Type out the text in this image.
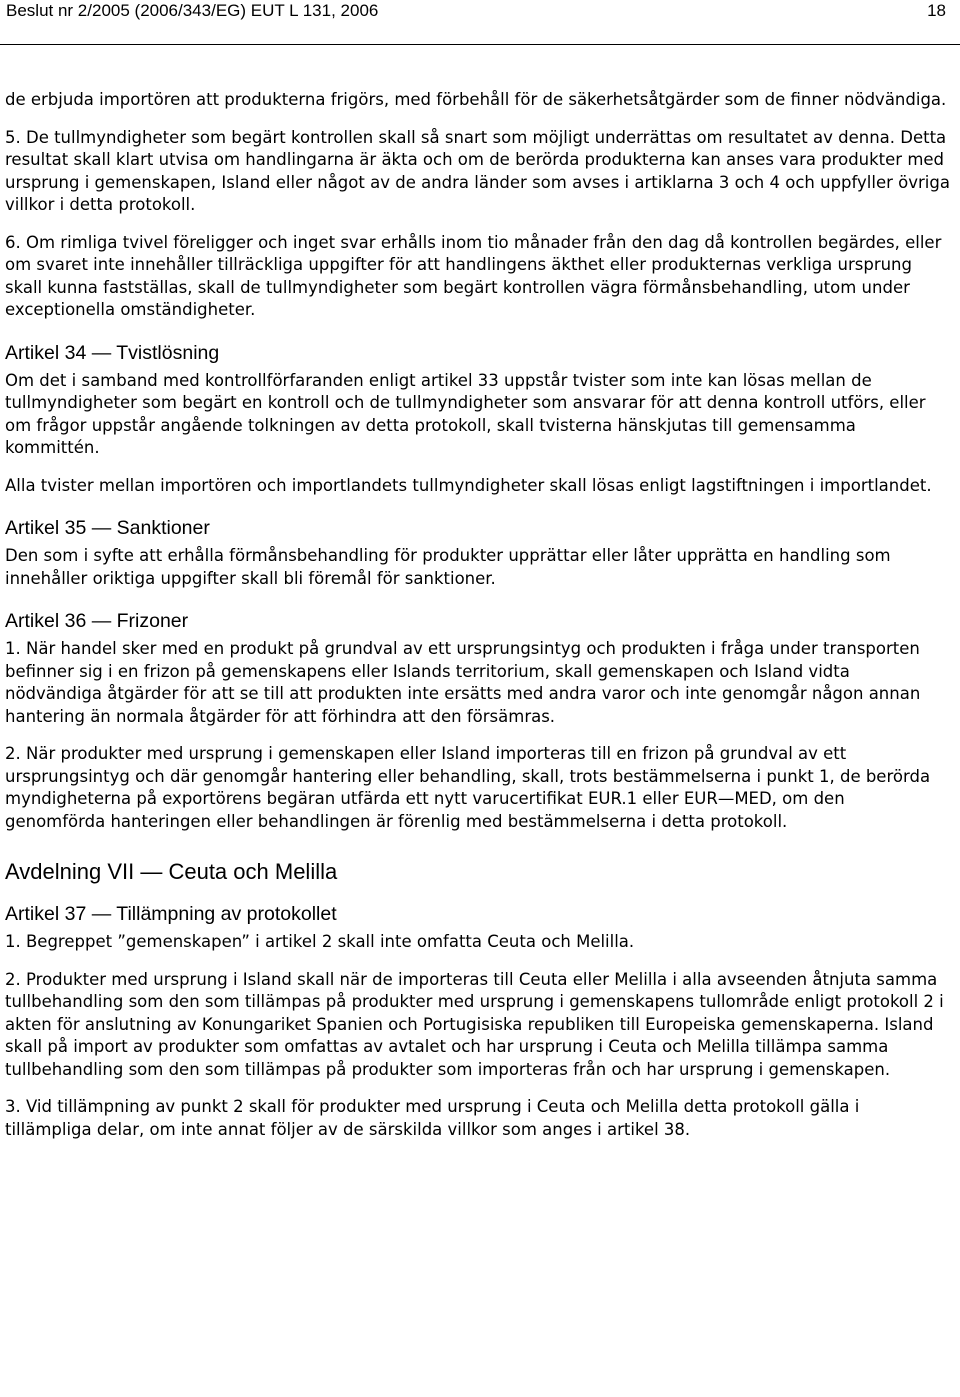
Beslut nr 2/2005 (2006/343/EG) EUT L 131, 2006	18

de erbjuda importören att produkterna frigörs, med förbehåll för de säkerhetsåtgärder som de finner nödvändiga.

5. De tullmyndigheter som begärt kontrollen skall så snart som möjligt underrättas om resultatet av denna. Detta resultat skall klart utvisa om handlingarna är äkta och om de berörda produkterna kan anses vara produkter med ursprung i gemenskapen, Island eller något av de andra länder som avses i artiklarna 3 och 4 och uppfyller övriga villkor i detta protokoll.

6. Om rimliga tvivel föreligger och inget svar erhålls inom tio månader från den dag då kontrollen begärdes, eller om svaret inte innehåller tillräckliga uppgifter för att handlingens äkthet eller produkternas verkliga ursprung skall kunna fastställas, skall de tullmyndigheter som begärt kontrollen vägra förmånsbehandling, utom under exceptionella omständigheter.

Artikel 34 — Tvistlösning

Om det i samband med kontrollförfaranden enligt artikel 33 uppstår tvister som inte kan lösas mellan de tullmyndigheter som begärt en kontroll och de tullmyndigheter som ansvarar för att denna kontroll utförs, eller om frågor uppstår angående tolkningen av detta protokoll, skall tvisterna hänskjutas till gemensamma kommittén.

Alla tvister mellan importören och importlandets tullmyndigheter skall lösas enligt lagstiftningen i importlandet.

Artikel 35 — Sanktioner

Den som i syfte att erhålla förmånsbehandling för produkter upprättar eller låter upprätta en handling som innehåller oriktiga uppgifter skall bli föremål för sanktioner.

Artikel 36 — Frizoner

1. När handel sker med en produkt på grundval av ett ursprungsintyg och produkten i fråga under transporten befinner sig i en frizon på gemenskapens eller Islands territorium, skall gemenskapen och Island vidta nödvändiga åtgärder för att se till att produkten inte ersätts med andra varor och inte genomgår någon annan hantering än normala åtgärder för att förhindra att den försämras.

2. När produkter med ursprung i gemenskapen eller Island importeras till en frizon på grundval av ett ursprungsintyg och där genomgår hantering eller behandling, skall, trots bestämmelserna i punkt 1, de berörda myndigheterna på exportörens begäran utfärda ett nytt varucertifikat EUR.1 eller EUR—MED, om den genomförda hanteringen eller behandlingen är förenlig med bestämmelserna i detta protokoll.

Avdelning VII — Ceuta och Melilla
Artikel 37 — Tillämpning av protokollet

1. Begreppet ”gemenskapen” i artikel 2 skall inte omfatta Ceuta och Melilla.

2. Produkter med ursprung i Island skall när de importeras till Ceuta eller Melilla i alla avseenden åtnjuta samma tullbehandling som den som tillämpas på produkter med ursprung i gemenskapens tullområde enligt protokoll 2 i akten för anslutning av Konungariket Spanien och Portugisiska republiken till Europeiska gemenskaperna. Island skall på import av produkter som omfattas av avtalet och har ursprung i Ceuta och Melilla tillämpa samma tullbehandling som den som tillämpas på produkter som importeras från och har ursprung i gemenskapen.

3. Vid tillämpning av punkt 2 skall för produkter med ursprung i Ceuta och Melilla detta protokoll gälla i tillämpliga delar, om inte annat följer av de särskilda villkor som anges i artikel 38.
